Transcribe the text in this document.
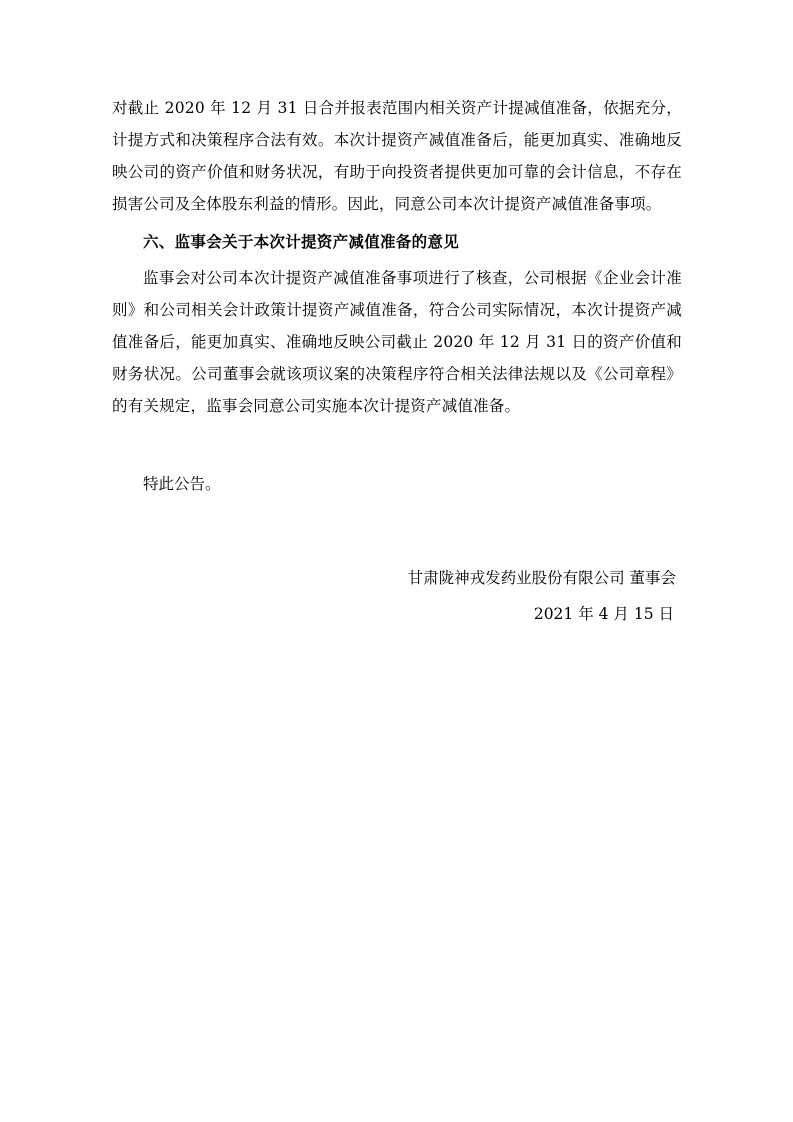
对截止 2020 年 12 月 31 日合并报表范围内相关资产计提减值准备，依据充分，计提方式和决策程序合法有效。本次计提资产减值准备后，能更加真实、准确地反映公司的资产价值和财务状况，有助于向投资者提供更加可靠的会计信息，不存在损害公司及全体股东利益的情形。因此，同意公司本次计提资产减值准备事项。

六、监事会关于本次计提资产减值准备的意见

监事会对公司本次计提资产减值准备事项进行了核查，公司根据《企业会计准则》和公司相关会计政策计提资产减值准备，符合公司实际情况，本次计提资产减值准备后，能更加真实、准确地反映公司截止 2020 年 12 月 31 日的资产价值和财务状况。公司董事会就该项议案的决策程序符合相关法律法规以及《公司章程》的有关规定，监事会同意公司实施本次计提资产减值准备。

特此公告。

甘肃陇神戎发药业股份有限公司 董事会
2021 年 4 月 15 日
